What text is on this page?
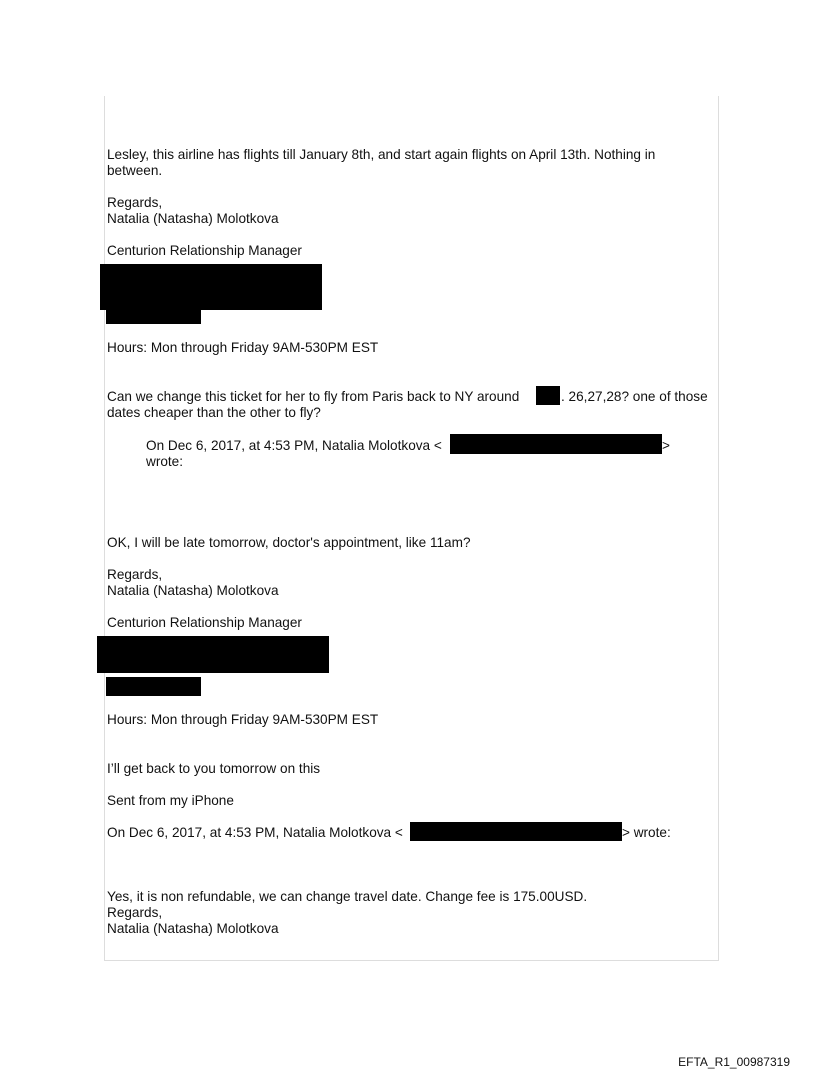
Lesley, this airline has flights till January 8th, and start again flights on April 13th. Nothing in
between.
Regards,
Natalia (Natasha) Molotkova
Centurion Relationship Manager
Hours: Mon through Friday 9AM-530PM EST
Can we change this ticket for her to fly from Paris back to NY around	. 26,27,28? one of those
dates cheaper than the other to fly?
On Dec 6, 2017, at 4:53 PM, Natalia Molotkova <	>
wrote:
OK, I will be late tomorrow, doctor's appointment, like 11am?
Regards,
Natalia (Natasha) Molotkova
Centurion Relationship Manager
Hours: Mon through Friday 9AM-530PM EST
I’ll get back to you tomorrow on this
Sent from my iPhone
On Dec 6, 2017, at 4:53 PM, Natalia Molotkova <	> wrote:
Yes, it is non refundable, we can change travel date. Change fee is 175.00USD.
Regards,
Natalia (Natasha) Molotkova
EFTA_R1_00987319
